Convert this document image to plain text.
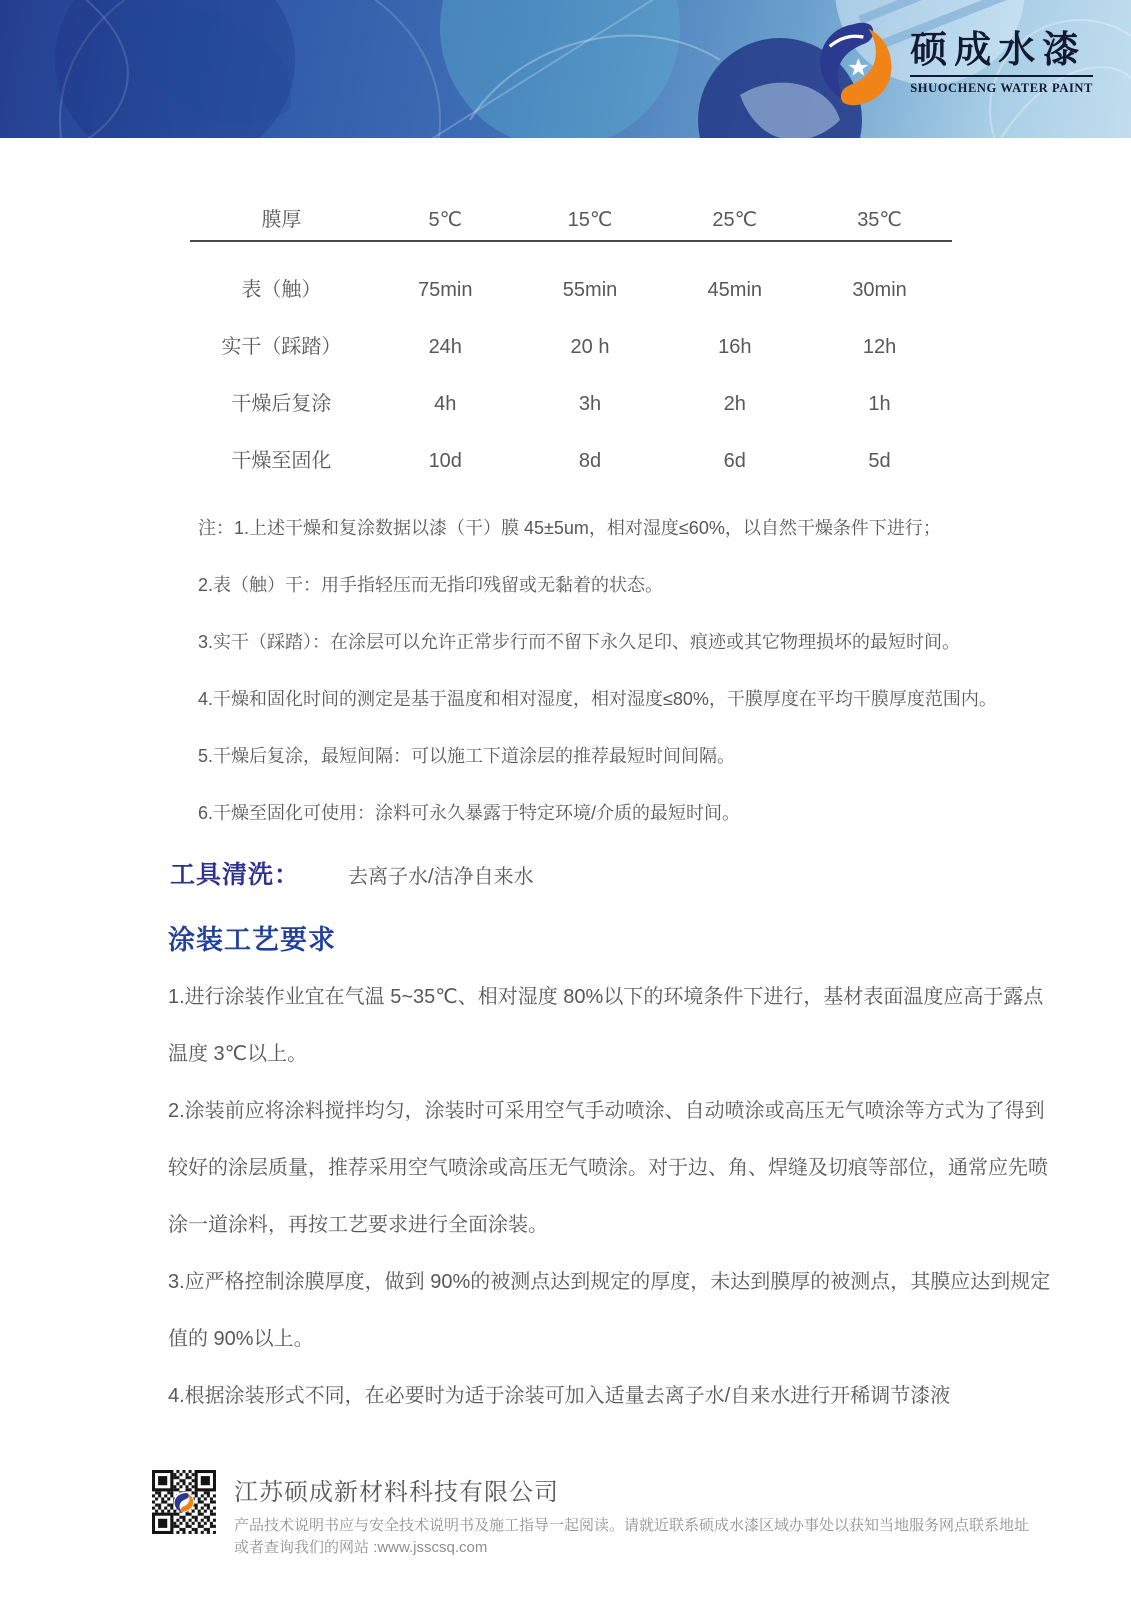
硕成水漆
SHUOCHENG WATER PAINT
膜厚	5℃	15℃	25℃	35℃
表（触）	75min	55min	45min	30min
实干（踩踏）	24h	20 h	16h	12h
干燥后复涂	4h	3h	2h	1h
干燥至固化	10d	8d	6d	5d

注：1.上述干燥和复涂数据以漆（干）膜 45±5um，相对湿度≤60%，以自然干燥条件下进行；

2.表（触）干：用手指轻压而无指印残留或无黏着的状态。

3.实干（踩踏）：在涂层可以允许正常步行而不留下永久足印、痕迹或其它物理损坏的最短时间。

4.干燥和固化时间的测定是基于温度和相对湿度，相对湿度≤80%，干膜厚度在平均干膜厚度范围内。

5.干燥后复涂，最短间隔：可以施工下道涂层的推荐最短时间间隔。

6.干燥至固化可使用：涂料可永久暴露于特定环境/介质的最短时间。

工具清洗： 去离子水/洁净自来水
涂装工艺要求

1.进行涂装作业宜在气温 5~35℃、相对湿度 80%以下的环境条件下进行，基材表面温度应高于露点温度 3℃以上。

2.涂装前应将涂料搅拌均匀，涂装时可采用空气手动喷涂、自动喷涂或高压无气喷涂等方式为了得到较好的涂层质量，推荐采用空气喷涂或高压无气喷涂。对于边、角、焊缝及切痕等部位，通常应先喷涂一道涂料，再按工艺要求进行全面涂装。

3.应严格控制涂膜厚度，做到 90%的被测点达到规定的厚度，未达到膜厚的被测点，其膜应达到规定值的 90%以上。

4.根据涂装形式不同，在必要时为适于涂装可加入适量去离子水/自来水进行开稀调节漆液

江苏硕成新材料科技有限公司

产品技术说明书应与安全技术说明书及施工指导一起阅读。请就近联系硕成水漆区域办事处以获知当地服务网点联系地址

或者查询我们的网站 :www.jsscsq.com
